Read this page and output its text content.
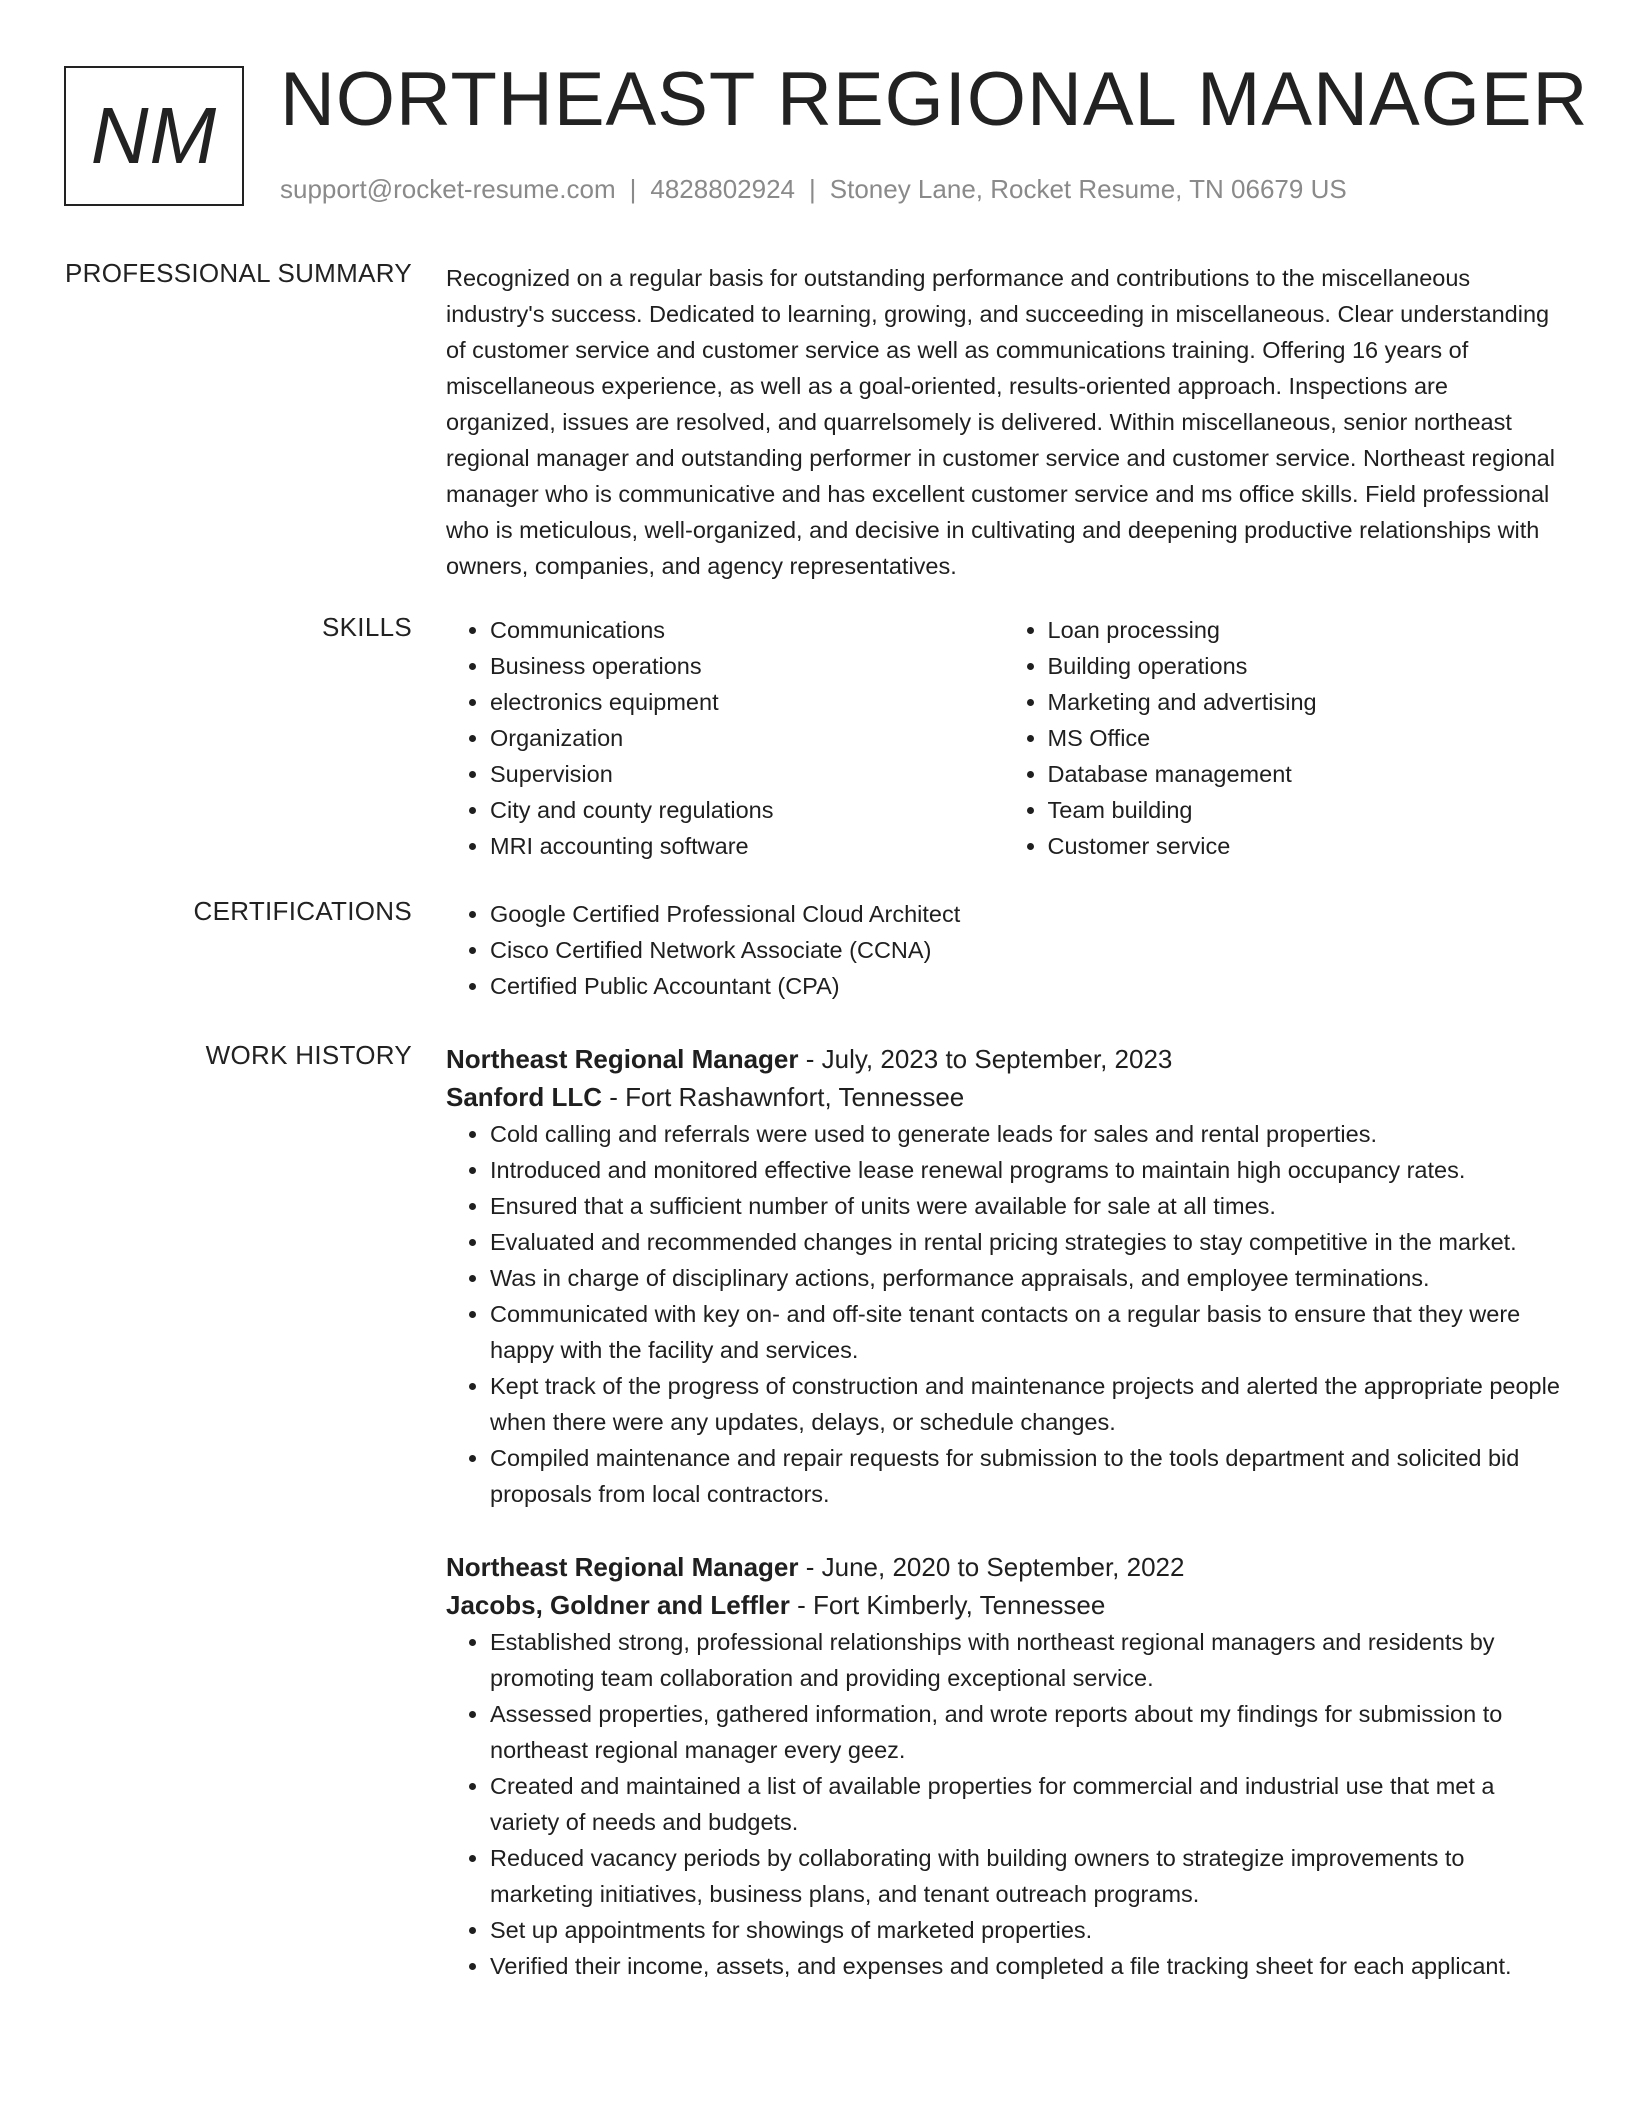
NM NORTHEAST REGIONAL MANAGER
support@rocket-resume.com | 4828802924 | Stoney Lane, Rocket Resume, TN 06679 US
PROFESSIONAL SUMMARY Recognized on a regular basis for outstanding performance and contributions to the miscellaneous industry's success. Dedicated to learning, growing, and succeeding in miscellaneous. Clear understanding of customer service and customer service as well as communications training. Offering 16 years of miscellaneous experience, as well as a goal-oriented, results-oriented approach. Inspections are organized, issues are resolved, and quarrelsomely is delivered. Within miscellaneous, senior northeast regional manager and outstanding performer in customer service and customer service. Northeast regional manager who is communicative and has excellent customer service and ms office skills. Field professional who is meticulous, well-organized, and decisive in cultivating and deepening productive relationships with owners, companies, and agency representatives.

SKILLS	• Communications
• Business operations
• electronics equipment
• Organization
• Supervision
• City and county regulations
• MRI accounting software
• Loan processing
• Building operations
• Marketing and advertising
• MS Office
• Database management
• Team building
• Customer service
CERTIFICATIONS	• Google Certified Professional Cloud Architect
• Cisco Certified Network Associate (CCNA)
• Certified Public Accountant (CPA)
WORK HISTORY Northeast Regional Manager - July, 2023 to September, 2023
Sanford LLC - Fort Rashawnfort, Tennessee
• Cold calling and referrals were used to generate leads for sales and rental properties.
• Introduced and monitored effective lease renewal programs to maintain high occupancy rates.
• Ensured that a sufficient number of units were available for sale at all times.
• Evaluated and recommended changes in rental pricing strategies to stay competitive in the market.
• Was in charge of disciplinary actions, performance appraisals, and employee terminations.
• Communicated with key on- and off-site tenant contacts on a regular basis to ensure that they were happy with the facility and services.
• Kept track of the progress of construction and maintenance projects and alerted the appropriate people when there were any updates, delays, or schedule changes.
• Compiled maintenance and repair requests for submission to the tools department and solicited bid proposals from local contractors.
Northeast Regional Manager - June, 2020 to September, 2022
Jacobs, Goldner and Leffler - Fort Kimberly, Tennessee
• Established strong, professional relationships with northeast regional managers and residents by promoting team collaboration and providing exceptional service.
• Assessed properties, gathered information, and wrote reports about my findings for submission to northeast regional manager every geez.
• Created and maintained a list of available properties for commercial and industrial use that met a variety of needs and budgets.
• Reduced vacancy periods by collaborating with building owners to strategize improvements to marketing initiatives, business plans, and tenant outreach programs.
• Set up appointments for showings of marketed properties.
• Verified their income, assets, and expenses and completed a file tracking sheet for each applicant.
